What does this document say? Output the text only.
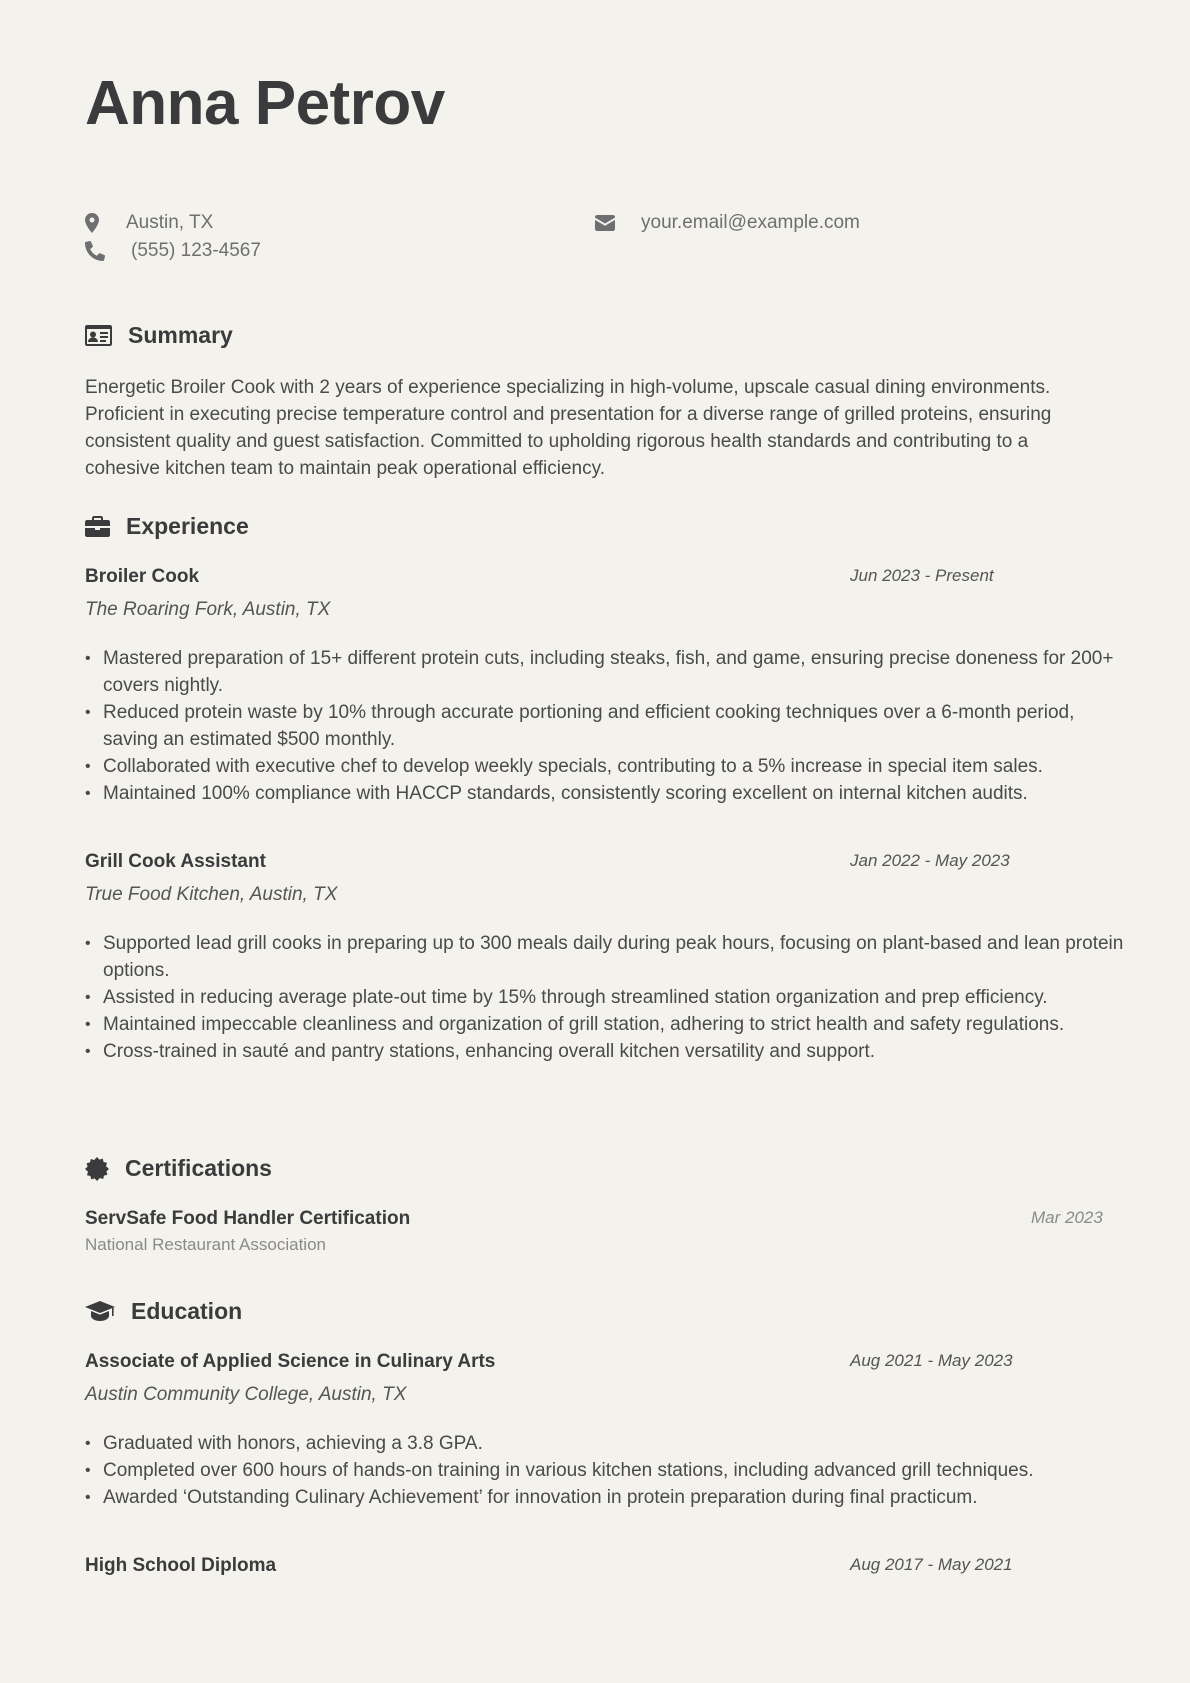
Anna Petrov
Austin, TX
(555) 123-4567
your.email@example.com
Summary
Energetic Broiler Cook with 2 years of experience specializing in high-volume, upscale casual dining environments. Proficient in executing precise temperature control and presentation for a diverse range of grilled proteins, ensuring consistent quality and guest satisfaction. Committed to upholding rigorous health standards and contributing to a cohesive kitchen team to maintain peak operational efficiency.
Experience
Broiler Cook	Jun 2023 - Present
The Roaring Fork, Austin, TX
• Mastered preparation of 15+ different protein cuts, including steaks, fish, and game, ensuring precise doneness for 200+ covers nightly.
• Reduced protein waste by 10% through accurate portioning and efficient cooking techniques over a 6-month period, saving an estimated $500 monthly.
• Collaborated with executive chef to develop weekly specials, contributing to a 5% increase in special item sales.
• Maintained 100% compliance with HACCP standards, consistently scoring excellent on internal kitchen audits.
Grill Cook Assistant	Jan 2022 - May 2023
True Food Kitchen, Austin, TX
• Supported lead grill cooks in preparing up to 300 meals daily during peak hours, focusing on plant-based and lean protein options.
• Assisted in reducing average plate-out time by 15% through streamlined station organization and prep efficiency.
• Maintained impeccable cleanliness and organization of grill station, adhering to strict health and safety regulations.
• Cross-trained in sauté and pantry stations, enhancing overall kitchen versatility and support.
Certifications
ServSafe Food Handler Certification	Mar 2023
National Restaurant Association
Education
Associate of Applied Science in Culinary Arts	Aug 2021 - May 2023
Austin Community College, Austin, TX
• Graduated with honors, achieving a 3.8 GPA.
• Completed over 600 hours of hands-on training in various kitchen stations, including advanced grill techniques.
• Awarded ‘Outstanding Culinary Achievement’ for innovation in protein preparation during final practicum.
High School Diploma	Aug 2017 - May 2021
